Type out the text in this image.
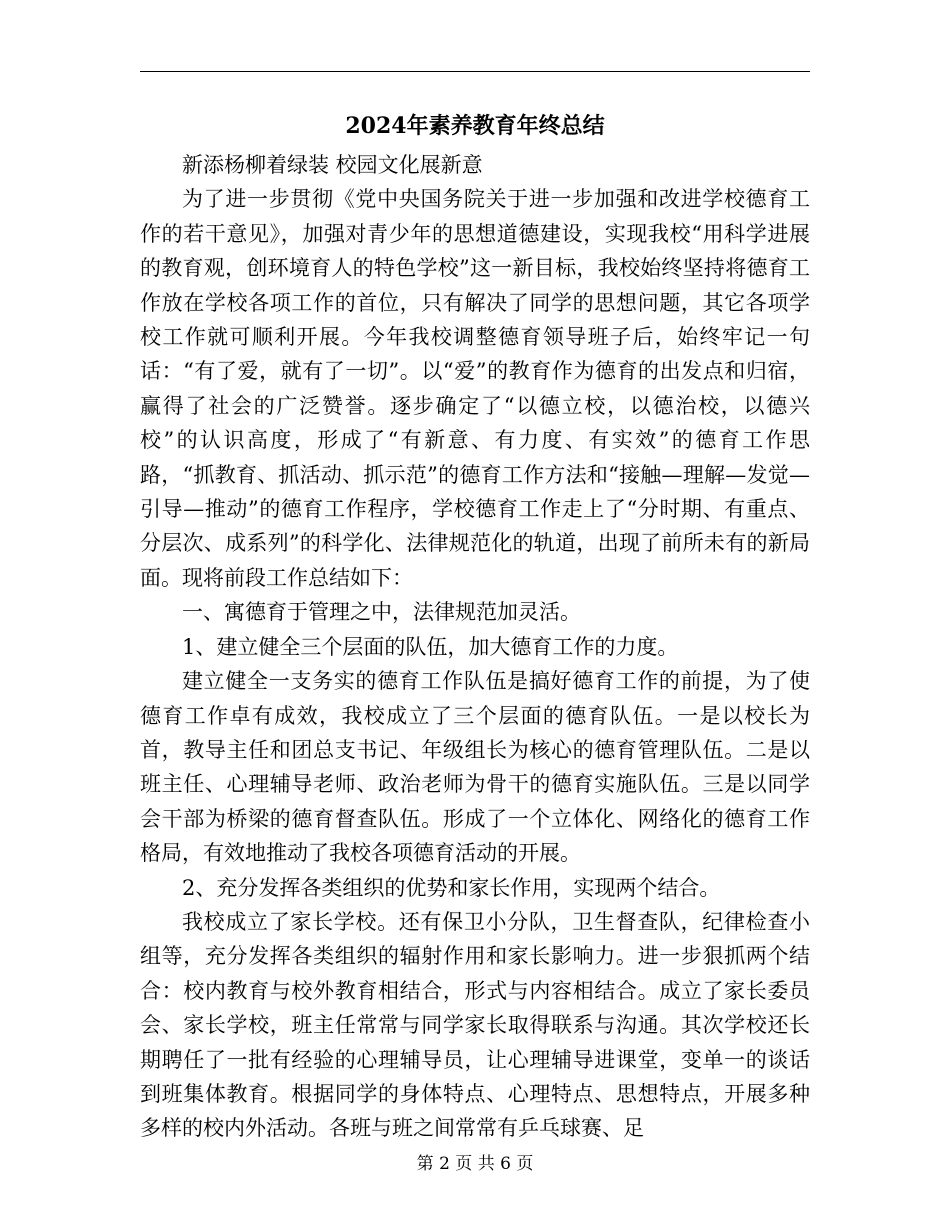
2024年素养教育年终总结

新添杨柳着绿装 校园文化展新意

为了进一步贯彻《党中央国务院关于进一步加强和改进学校德育工作的若干意见》，加强对青少年的思想道德建设，实现我校“用科学进展的教育观，创环境育人的特色学校”这一新目标，我校始终坚持将德育工作放在学校各项工作的首位，只有解决了同学的思想问题，其它各项学校工作就可顺利开展。今年我校调整德育领导班子后，始终牢记一句话：“有了爱，就有了一切”。以“爱”的教育作为德育的出发点和归宿，赢得了社会的广泛赞誉。逐步确定了“以德立校，以德治校，以德兴校”的认识高度，形成了“有新意、有力度、有实效”的德育工作思路，“抓教育、抓活动、抓示范”的德育工作方法和“接触—理解—发觉—引导—推动”的德育工作程序，学校德育工作走上了“分时期、有重点、分层次、成系列”的科学化、法律规范化的轨道，出现了前所未有的新局面。现将前段工作总结如下：

一、寓德育于管理之中，法律规范加灵活。

1、建立健全三个层面的队伍，加大德育工作的力度。

建立健全一支务实的德育工作队伍是搞好德育工作的前提，为了使德育工作卓有成效，我校成立了三个层面的德育队伍。一是以校长为首，教导主任和团总支书记、年级组长为核心的德育管理队伍。二是以班主任、心理辅导老师、政治老师为骨干的德育实施队伍。三是以同学会干部为桥梁的德育督查队伍。形成了一个立体化、网络化的德育工作格局，有效地推动了我校各项德育活动的开展。

2、充分发挥各类组织的优势和家长作用，实现两个结合。

我校成立了家长学校。还有保卫小分队，卫生督查队，纪律检查小组等，充分发挥各类组织的辐射作用和家长影响力。进一步狠抓两个结合：校内教育与校外教育相结合，形式与内容相结合。成立了家长委员会、家长学校，班主任常常与同学家长取得联系与沟通。其次学校还长期聘任了一批有经验的心理辅导员，让心理辅导进课堂，变单一的谈话到班集体教育。根据同学的身体特点、心理特点、思想特点，开展多种多样的校内外活动。各班与班之间常常有乒乓球赛、足

第 2 页 共 6 页
